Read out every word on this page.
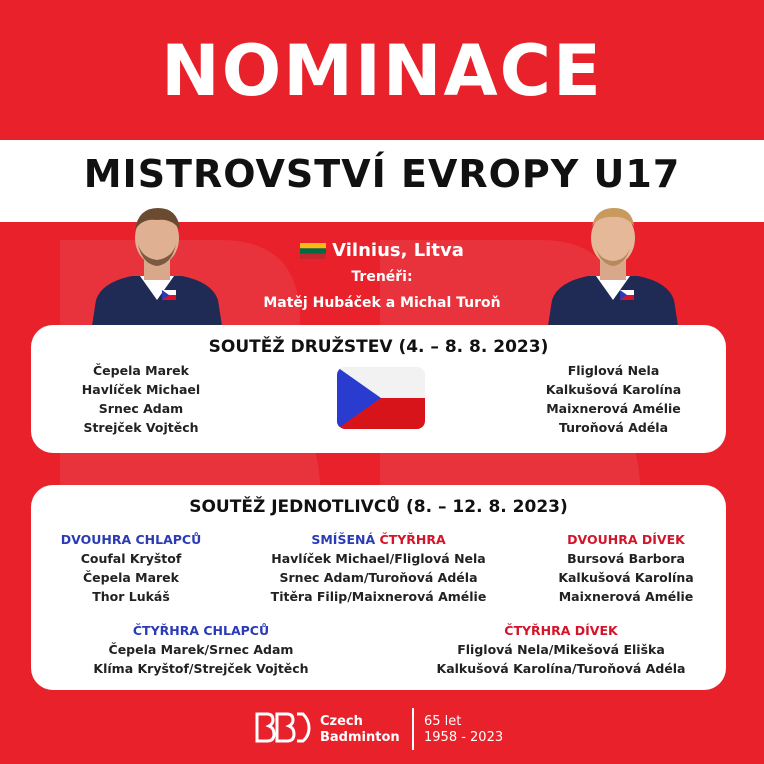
NOMINACE
MISTROVSTVÍ EVROPY U17
Vilnius, Litva
Trenéři:
Matěj Hubáček a Michal Turoň
SOUTĚŽ DRUŽSTEV (4. – 8. 8. 2023)
Čepela Marek
Havlíček Michael
Srnec Adam
Strejček Vojtěch
Fliglová Nela
Kalkušová Karolína
Maixnerová Amélie
Turoňová Adéla
SOUTĚŽ JEDNOTLIVCŮ (8. – 12. 8. 2023)
DVOUHRA CHLAPCŮ
Coufal Kryštof
Čepela Marek
Thor Lukáš
SMÍŠENÁ ČTYŘHRA
Havlíček Michael/Fliglová Nela
Srnec Adam/Turoňová Adéla
Titěra Filip/Maixnerová Amélie
DVOUHRA DÍVEK
Bursová Barbora
Kalkušová Karolína
Maixnerová Amélie
ČTYŘHRA CHLAPCŮ
Čepela Marek/Srnec Adam
Klíma Kryštof/Strejček Vojtěch
ČTYŘHRA DÍVEK
Fliglová Nela/Mikešová Eliška
Kalkušová Karolína/Turoňová Adéla
Czech
Badminton
65 let
1958 - 2023
